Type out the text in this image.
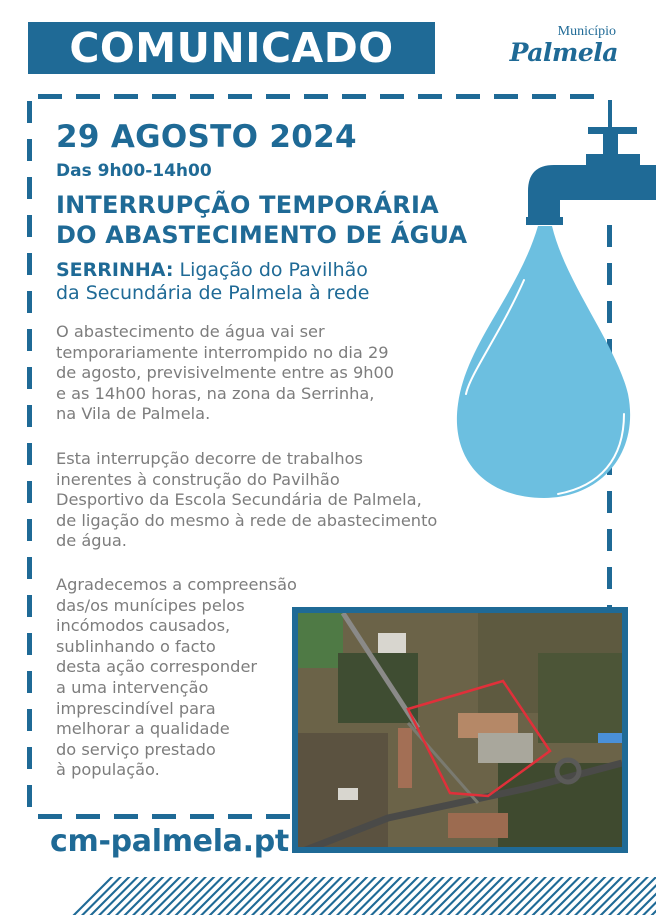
COMUNICADO	Município
Palmela
29 AGOSTO 2024
Das 9h00-14h00
INTERRUPÇÃO TEMPORÁRIA
DO ABASTECIMENTO DE ÁGUA
SERRINHA: Ligação do Pavilhão
da Secundária de Palmela à rede
O abastecimento de água vai ser
temporariamente interrompido no dia 29
de agosto, previsivelmente entre as 9h00
e as 14h00 horas, na zona da Serrinha,
na Vila de Palmela.
Esta interrupção decorre de trabalhos
inerentes à construção do Pavilhão
Desportivo da Escola Secundária de Palmela,
de ligação do mesmo à rede de abastecimento
de água.
Agradecemos a compreensão
das/os munícipes pelos
incómodos causados,
sublinhando o facto
desta ação corresponder
a uma intervenção
imprescindível para
melhorar a qualidade
do serviço prestado
à população.
cm-palmela.pt
